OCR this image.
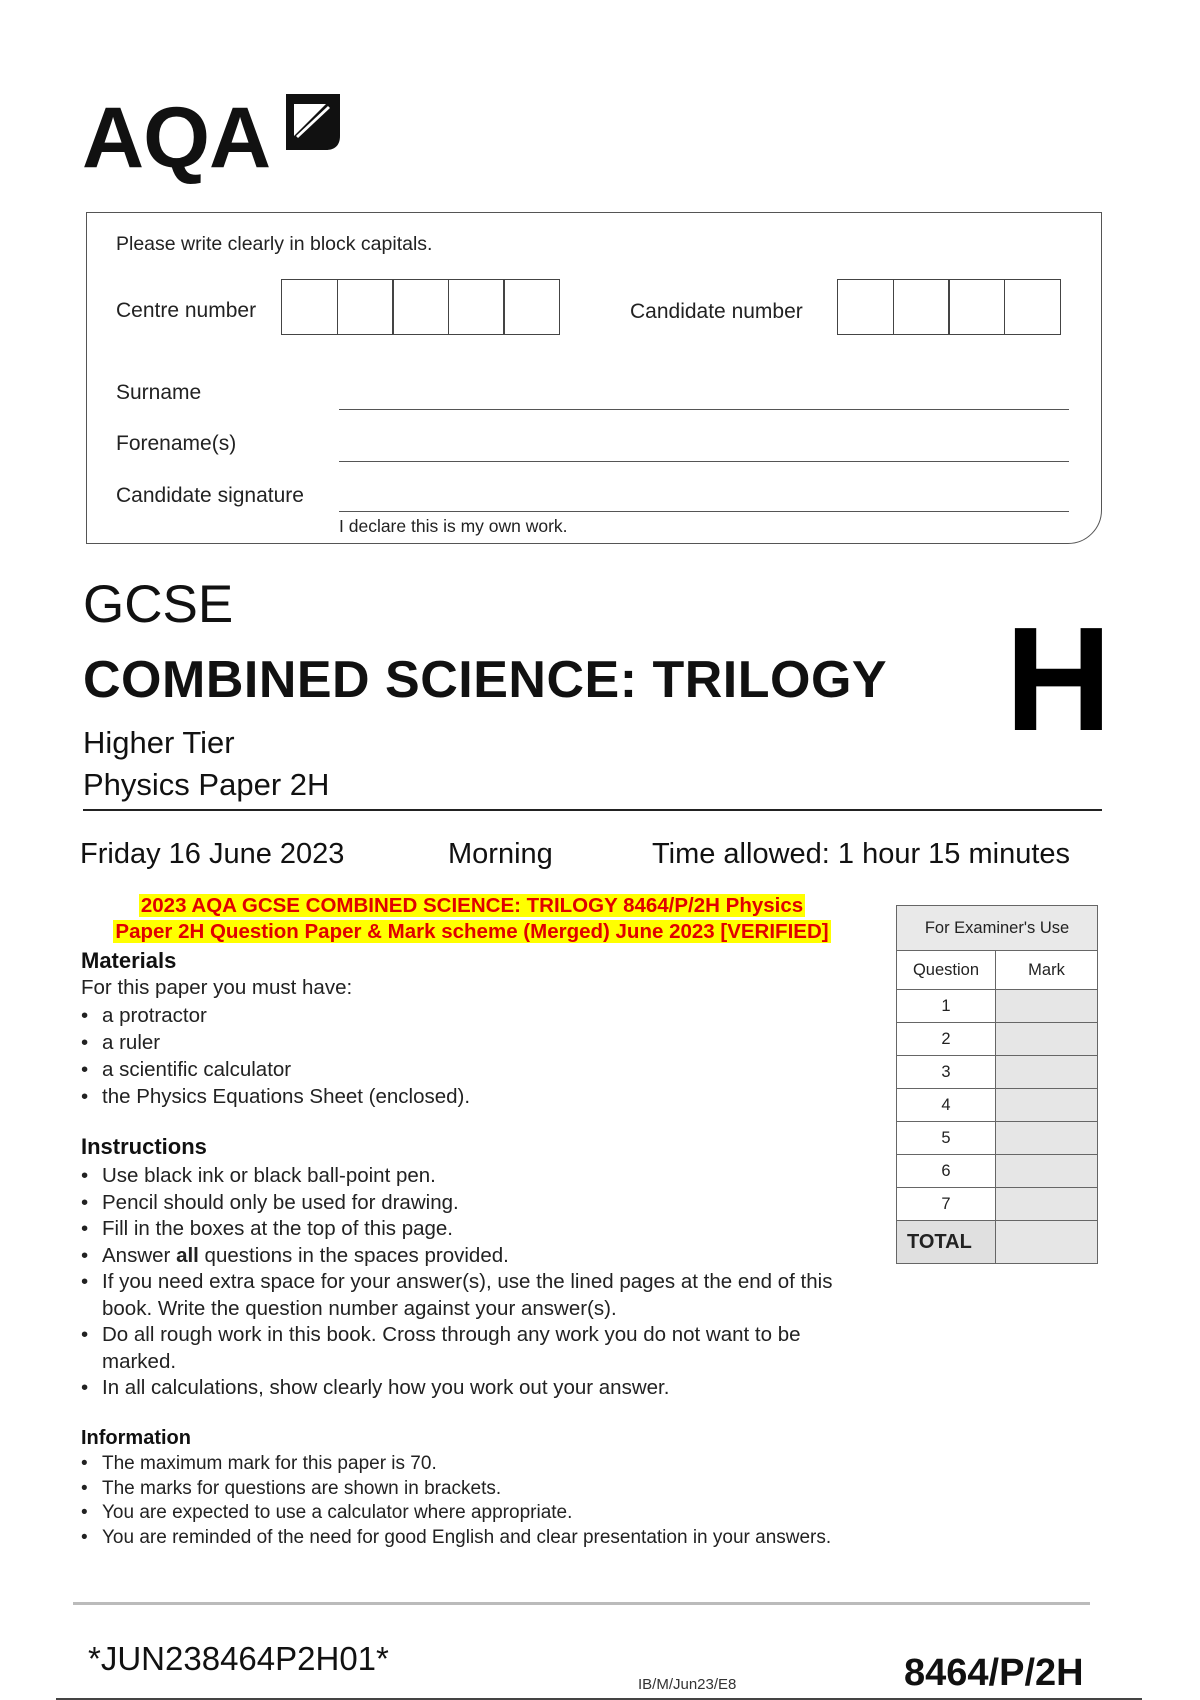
AQA
Please write clearly in block capitals.
Centre number	Candidate number
Surname
Forename(s)
Candidate signature
I declare this is my own work.
GCSE
COMBINED SCIENCE: TRILOGY H
Higher Tier
Physics Paper 2H
Friday 16 June 2023	Morning	Time allowed: 1 hour 15 minutes
2023 AQA GCSE COMBINED SCIENCE: TRILOGY 8464/P/2H Physics
Paper 2H Question Paper & Mark scheme (Merged) June 2023 [VERIFIED]
Materials
For this paper you must have:
• a protractor
• a ruler
• a scientific calculator
• the Physics Equations Sheet (enclosed).
Instructions
• Use black ink or black ball-point pen.
• Pencil should only be used for drawing.
• Fill in the boxes at the top of this page.
• Answer all questions in the spaces provided.
• If you need extra space for your answer(s), use the lined pages at the end of this book. Write the question number against your answer(s).
• Do all rough work in this book. Cross through any work you do not want to be marked.
• In all calculations, show clearly how you work out your answer.
Information
• The maximum mark for this paper is 70.
• The marks for questions are shown in brackets.
• You are expected to use a calculator where appropriate.
• You are reminded of the need for good English and clear presentation in your answers.
For Examiner's Use	
Question	Mark
1	
2	
3	
4	
5	
6	
7	
TOTAL	
*JUN238464P2H01*
IB/M/Jun23/E8	8464/P/2H
